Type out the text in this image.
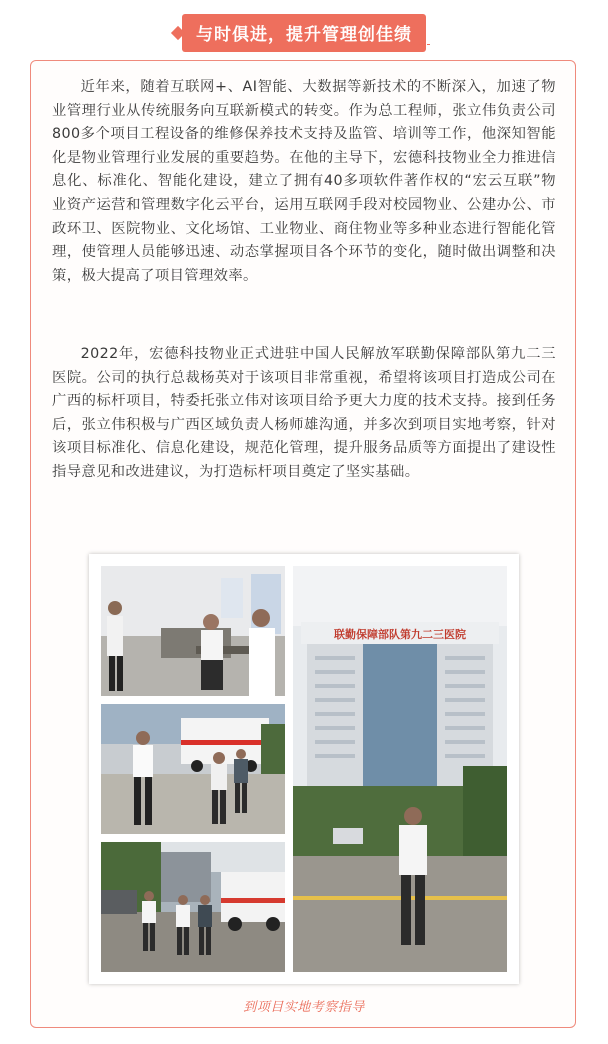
与时俱进，提升管理创佳绩

近年来，随着互联网+、AI智能、大数据等新技术的不断深入，加速了物业管理行业从传统服务向互联新模式的转变。作为总工程师，张立伟负责公司800多个项目工程设备的维修保养技术支持及监管、培训等工作，他深知智能化是物业管理行业发展的重要趋势。在他的主导下，宏德科技物业全力推进信息化、标准化、智能化建设，建立了拥有40多项软件著作权的“宏云互联”物业资产运营和管理数字化云平台，运用互联网手段对校园物业、公建办公、市政环卫、医院物业、文化场馆、工业物业、商住物业等多种业态进行智能化管理，使管理人员能够迅速、动态掌握项目各个环节的变化，随时做出调整和决策，极大提高了项目管理效率。

2022年，宏德科技物业正式进驻中国人民解放军联勤保障部队第九二三医院。公司的执行总裁杨英对于该项目非常重视，希望将该项目打造成公司在广西的标杆项目，特委托张立伟对该项目给予更大力度的技术支持。接到任务后，张立伟积极与广西区域负责人杨师雄沟通，并多次到项目实地考察，针对该项目标准化、信息化建设，规范化管理，提升服务品质等方面提出了建设性指导意见和改进建议，为打造标杆项目奠定了坚实基础。

联勤保障部队第九二三医院
到项目实地考察指导
